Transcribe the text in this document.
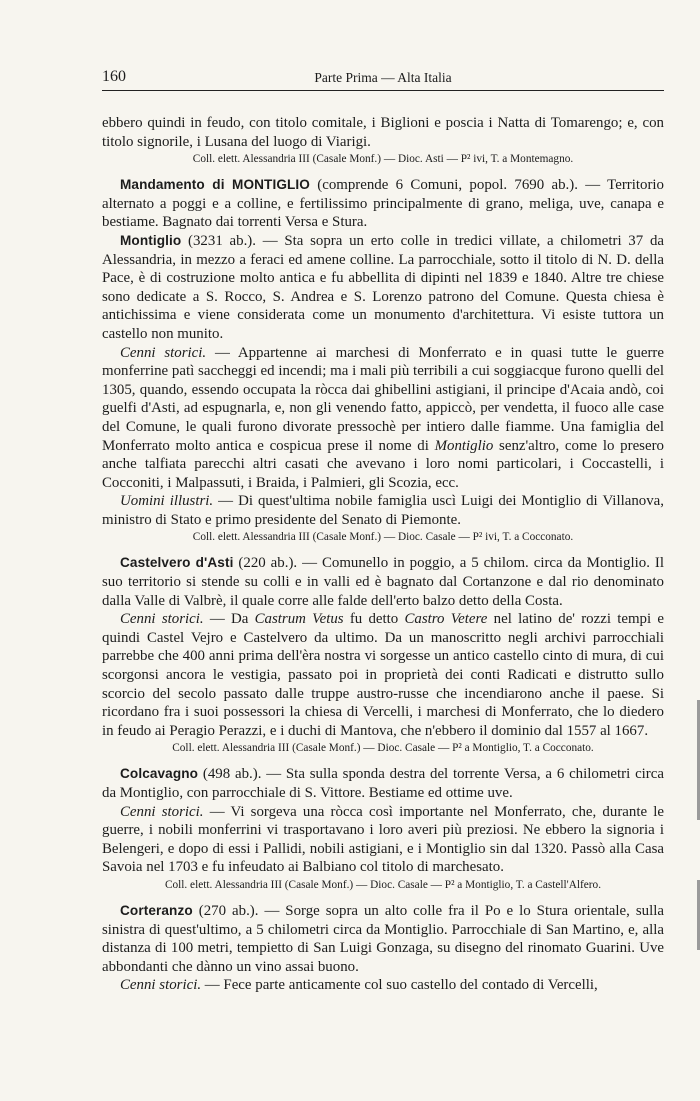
160	Parte Prima — Alta Italia

ebbero quindi in feudo, con titolo comitale, i Biglioni e poscia i Natta di Tomarengo; e, con titolo signorile, i Lusana del luogo di Viarigi.

Coll. elett. Alessandria III (Casale Monf.) — Dioc. Asti — P² ivi, T. a Montemagno.

Mandamento di MONTIGLIO (comprende 6 Comuni, popol. 7690 ab.). — Territorio alternato a poggi e a colline, e fertilissimo principalmente di grano, meliga, uve, canapa e bestiame. Bagnato dai torrenti Versa e Stura.

Montiglio (3231 ab.). — Sta sopra un erto colle in tredici villate, a chilometri 37 da Alessandria, in mezzo a feraci ed amene colline. La parrocchiale, sotto il titolo di N. D. della Pace, è di costruzione molto antica e fu abbellita di dipinti nel 1839 e 1840. Altre tre chiese sono dedicate a S. Rocco, S. Andrea e S. Lorenzo patrono del Comune. Questa chiesa è antichissima e viene considerata come un monumento d'architettura. Vi esiste tuttora un castello non munito.

Cenni storici. — Appartenne ai marchesi di Monferrato e in quasi tutte le guerre monferrine patì saccheggi ed incendi; ma i mali più terribili a cui soggiacque furono quelli del 1305, quando, essendo occupata la ròcca dai ghibellini astigiani, il principe d'Acaia andò, coi guelfi d'Asti, ad espugnarla, e, non gli venendo fatto, appiccò, per vendetta, il fuoco alle case del Comune, le quali furono divorate pressochè per intiero dalle fiamme. Una famiglia del Monferrato molto antica e cospicua prese il nome di Montiglio senz'altro, come lo presero anche talfiata parecchi altri casati che avevano i loro nomi particolari, i Coccastelli, i Cocconiti, i Malpassuti, i Braida, i Palmieri, gli Scozia, ecc.

Uomini illustri. — Di quest'ultima nobile famiglia uscì Luigi dei Montiglio di Villanova, ministro di Stato e primo presidente del Senato di Piemonte.

Coll. elett. Alessandria III (Casale Monf.) — Dioc. Casale — P² ivi, T. a Cocconato.

Castelvero d'Asti (220 ab.). — Comunello in poggio, a 5 chilom. circa da Montiglio. Il suo territorio si stende su colli e in valli ed è bagnato dal Cortanzone e dal rio denominato dalla Valle di Valbrè, il quale corre alle falde dell'erto balzo detto della Costa.

Cenni storici. — Da Castrum Vetus fu detto Castro Vetere nel latino de' rozzi tempi e quindi Castel Vejro e Castelvero da ultimo. Da un manoscritto negli archivi parrocchiali parrebbe che 400 anni prima dell'èra nostra vi sorgesse un antico castello cinto di mura, di cui scorgonsi ancora le vestigia, passato poi in proprietà dei conti Radicati e distrutto sullo scorcio del secolo passato dalle truppe austro-russe che incendiarono anche il paese. Si ricordano fra i suoi possessori la chiesa di Vercelli, i marchesi di Monferrato, che lo diedero in feudo ai Peragio Perazzi, e i duchi di Mantova, che n'ebbero il dominio dal 1557 al 1667.

Coll. elett. Alessandria III (Casale Monf.) — Dioc. Casale — P² a Montiglio, T. a Cocconato.

Colcavagno (498 ab.). — Sta sulla sponda destra del torrente Versa, a 6 chilometri circa da Montiglio, con parrocchiale di S. Vittore. Bestiame ed ottime uve.

Cenni storici. — Vi sorgeva una ròcca così importante nel Monferrato, che, durante le guerre, i nobili monferrini vi trasportavano i loro averi più preziosi. Ne ebbero la signoria i Belengeri, e dopo di essi i Pallidi, nobili astigiani, e i Montiglio sin dal 1320. Passò alla Casa Savoia nel 1703 e fu infeudato ai Balbiano col titolo di marchesato.

Coll. elett. Alessandria III (Casale Monf.) — Dioc. Casale — P² a Montiglio, T. a Castell'Alfero.

Corteranzo (270 ab.). — Sorge sopra un alto colle fra il Po e lo Stura orientale, sulla sinistra di quest'ultimo, a 5 chilometri circa da Montiglio. Parrocchiale di San Martino, e, alla distanza di 100 metri, tempietto di San Luigi Gonzaga, su disegno del rinomato Guarini. Uve abbondanti che dànno un vino assai buono.

Cenni storici. — Fece parte anticamente col suo castello del contado di Vercelli,
